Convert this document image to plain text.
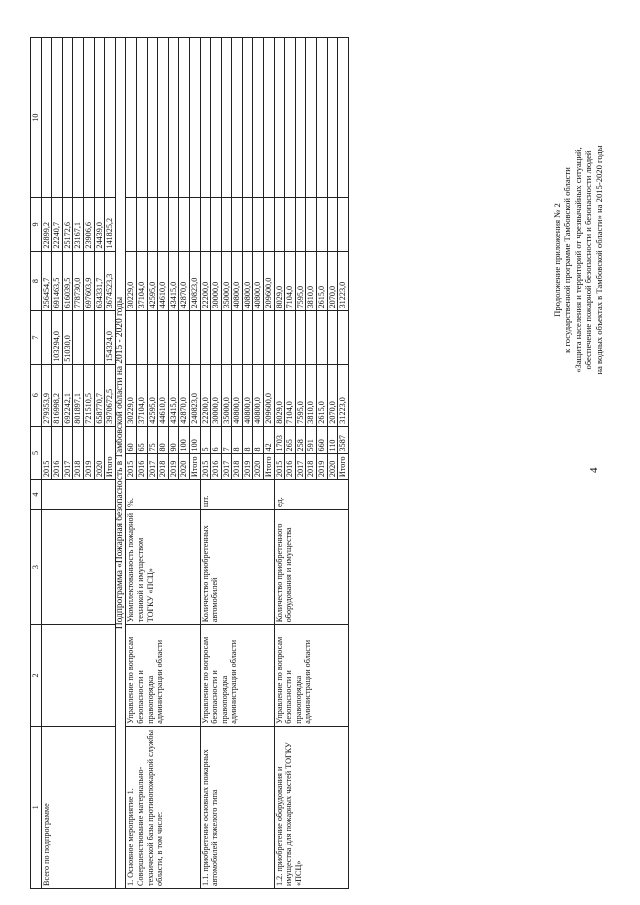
4
Продолжение приложения № 2 к государственной программе Тамбовской области «Защита населения и территорий от чрезвычайных ситуаций, обеспечение пожарной безопасности и безопасности людей на водных объектах в Тамбовской области» на 2015-2020 годы
1	2	3	4	5		6	7	8	9	10
Всего по подпрограмме				2015		279353,9		256454,7	22899,2	
				2016		816998,2	103294,0	691463,5	22240,7	
				2017		692242,1	51030,0	616039,5	25172,6	
				2018		801897,1		778730,0	23167,1	
				2019		721510,5		697603,9	23906,6	
				2020		658770,7		634331,7	24439,0	
				Итого		3970672,5	154324,0	3674523,3	141825,2	
Подпрограмма «Пожарная безопасность в Тамбовской области на 2015 - 2020 годы										
1. Основное мероприятие 1. Совершенствование материально-технической базы противопожарной службы области, в том числе:	Управление по вопросам безопасности и правопорядка администрации области	Укомплектованность пожарной техникой и имуществом ТОГКУ «ПСЦ»	%.	2015	60	30229,0		30229,0		
				2016	65	37104,0		37104,0		
				2017	75	42595,0		42595,0		
				2018	80	44610,0		44610,0		
				2019	90	43415,0		43415,0		
				2020	100	42870,0		42870,0		
				Итого	100	240823,0		240823,0		
1.1. приобретение основных пожарных автомобилей тяжелого типа	Управление по вопросам безопасности и правопорядка администрации области	Количество приобретенных автомобилей	шт.	2015	5	22200,0		22200,0		
				2016	6	30000,0		30000,0		
				2017	7	35000,0		35000,0		
				2018	8	40800,0		40800,0		
				2019	8	40800,0		40800,0		
				2020	8	40800,0		40800,0		
				Итого	42	209600,0		209600,0		
1.2. приобретение оборудования и имущества для пожарных частей ТОГКУ «ПСЦ»	Управление по вопросам безопасности и правопорядка администрации области	Количество приобретенного оборудования и имущества	ед.	2015	1703	8029,0		8029,0		
				2016	265	7104,0		7104,0		
				2017	258	7595,0		7595,0		
				2018	591	3810,0		3810,0		
				2019	660	2615,0		2615,0		
				2020	110	2070,0		2070,0		
				Итого	3587	31223,0		31223,0		
